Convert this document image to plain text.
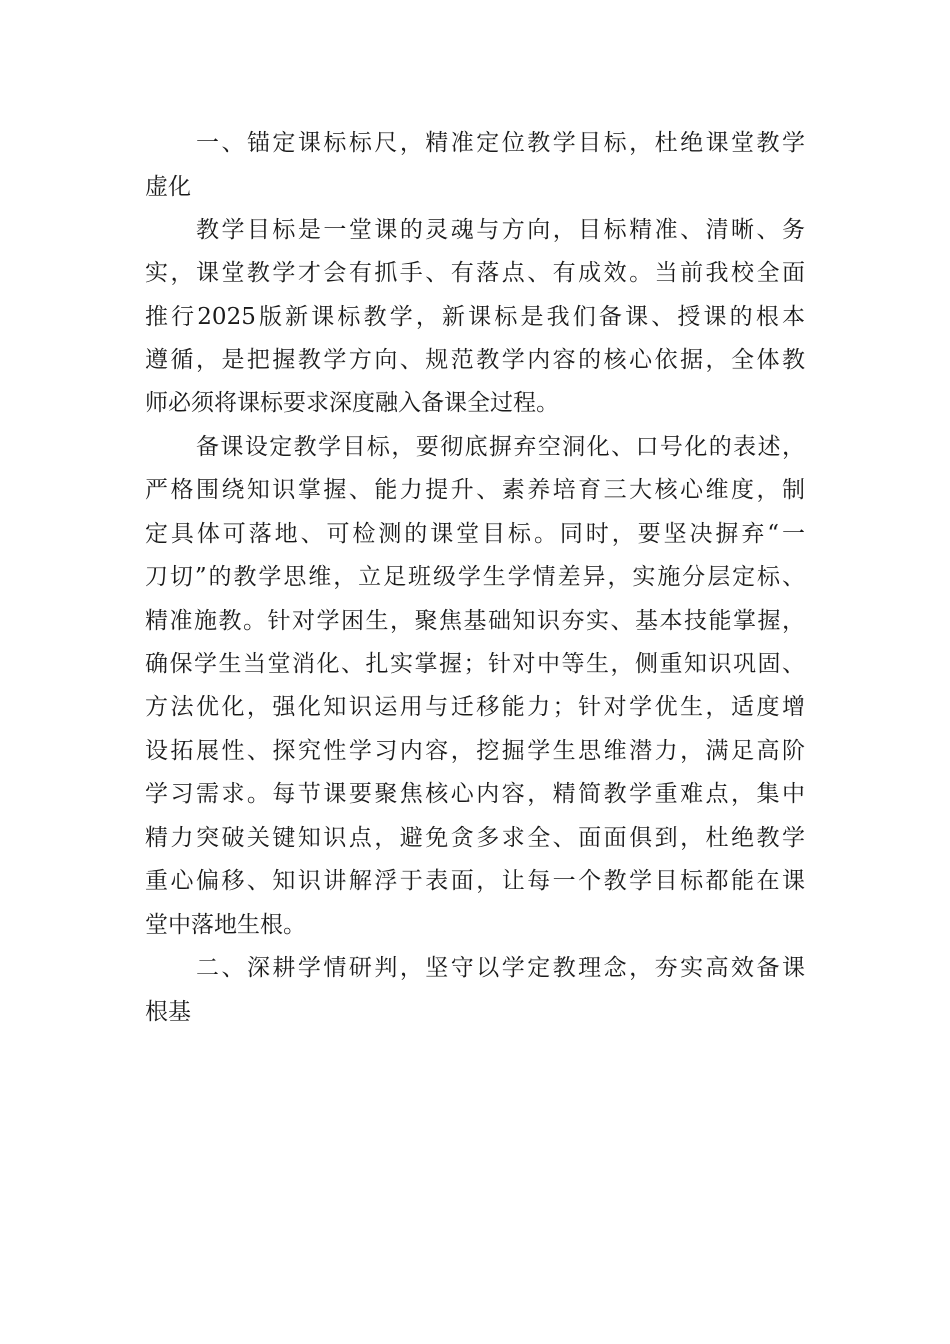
一、锚定课标标尺，精准定位教学目标，杜绝课堂教学

虚化

教学目标是一堂课的灵魂与方向，目标精准、清晰、务

实，课堂教学才会有抓手、有落点、有成效。当前我校全面

推行2025版新课标教学，新课标是我们备课、授课的根本

遵循，是把握教学方向、规范教学内容的核心依据，全体教

师必须将课标要求深度融入备课全过程。

备课设定教学目标，要彻底摒弃空洞化、口号化的表述，

严格围绕知识掌握、能力提升、素养培育三大核心维度，制

定具体可落地、可检测的课堂目标。同时，要坚决摒弃“一

刀切”的教学思维，立足班级学生学情差异，实施分层定标、

精准施教。针对学困生，聚焦基础知识夯实、基本技能掌握，

确保学生当堂消化、扎实掌握；针对中等生，侧重知识巩固、

方法优化，强化知识运用与迁移能力；针对学优生，适度增

设拓展性、探究性学习内容，挖掘学生思维潜力，满足高阶

学习需求。每节课要聚焦核心内容，精简教学重难点，集中

精力突破关键知识点，避免贪多求全、面面俱到，杜绝教学

重心偏移、知识讲解浮于表面，让每一个教学目标都能在课

堂中落地生根。

二、深耕学情研判，坚守以学定教理念，夯实高效备课

根基
